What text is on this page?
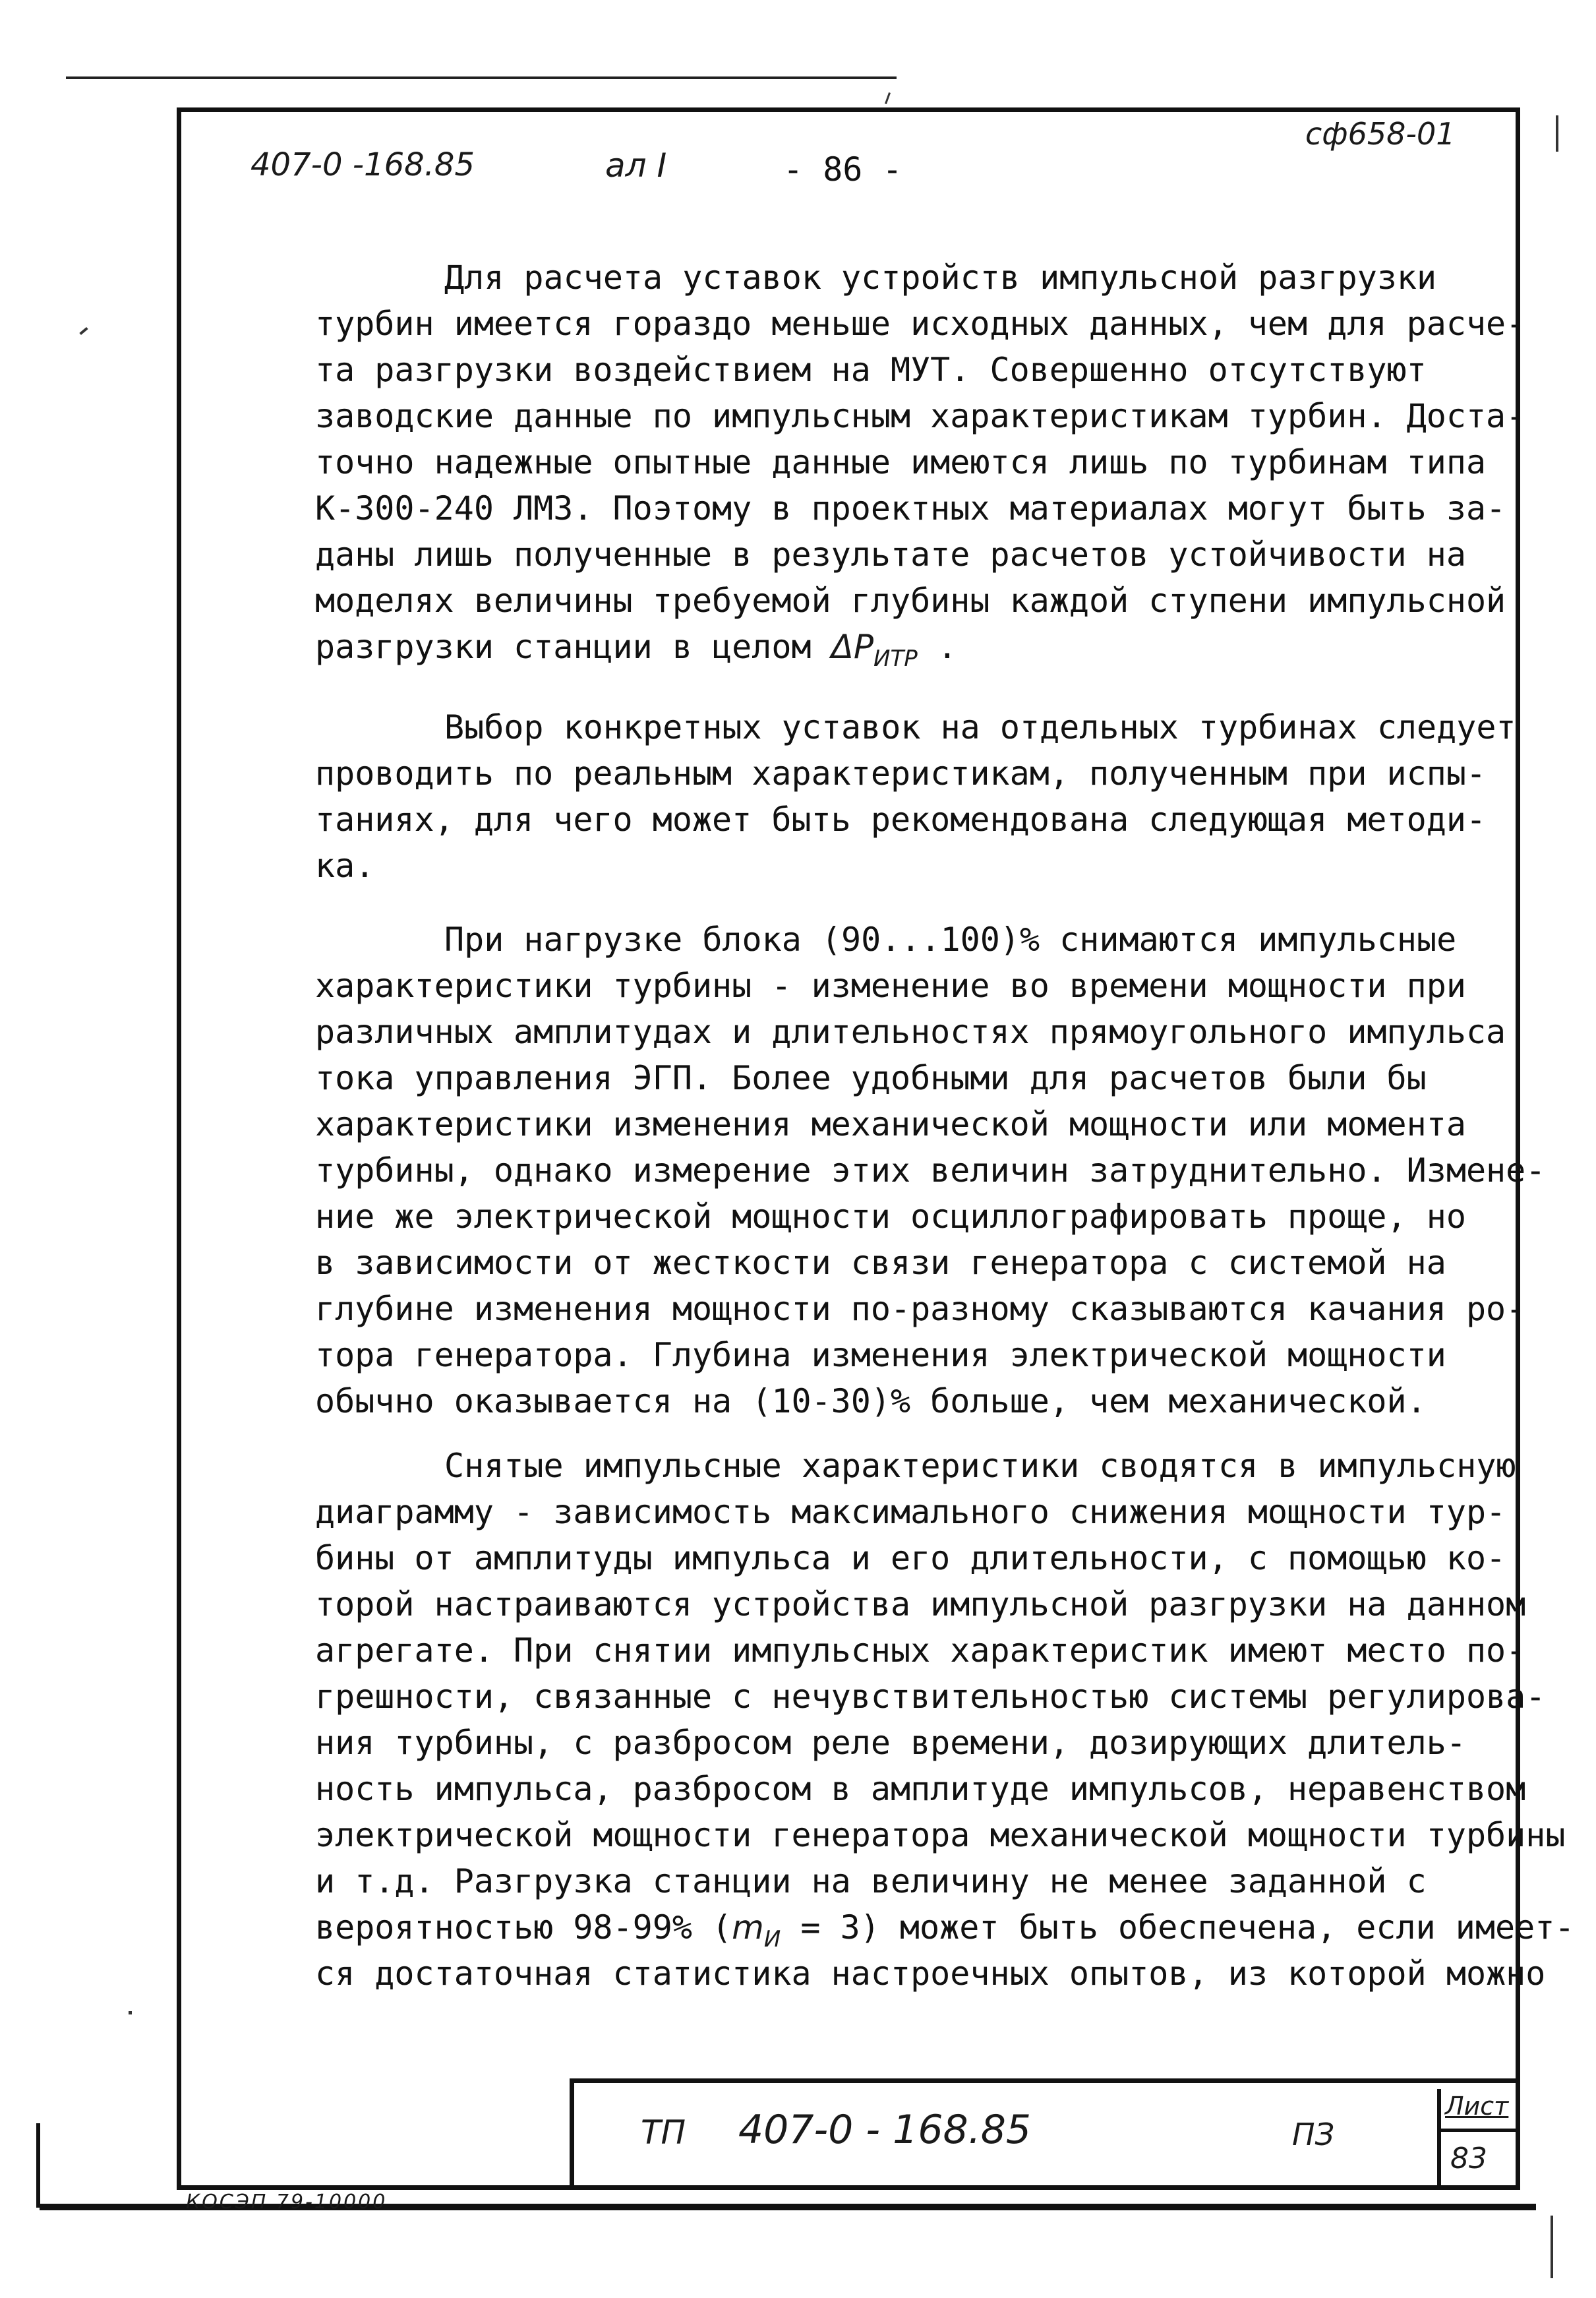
407-0 -168.85	ал I	- 86 -
сф658-01
Для расчета уставок устройств импульсной разгрузки
турбин имеется гораздо меньше исходных данных, чем для расче-
та разгрузки воздействием на МУТ. Совершенно отсутствуют
заводские данные по импульсным характеристикам турбин. Доста-
точно надежные опытные данные имеются лишь по турбинам типа
К-300-240 ЛМЗ. Поэтому в проектных материалах могут быть за-
даны лишь полученные в результате расчетов устойчивости на
моделях величины требуемой глубины каждой ступени импульсной
разгрузки станции в целом $\Delta Р_{ИТР}$ .
Выбор конкретных уставок на отдельных турбинах следует
проводить по реальным характеристикам, полученным при испы-
таниях, для чего может быть рекомендована следующая методи-
ка.
При нагрузке блока (90...100)% снимаются импульсные
характеристики турбины - изменение во времени мощности при
различных амплитудах и длительностях прямоугольного импульса
тока управления ЭГП. Более удобными для расчетов были бы
характеристики изменения механической мощности или момента
турбины, однако измерение этих величин затруднительно. Измене-
ние же электрической мощности осциллографировать проще, но
в зависимости от жесткости связи генератора с системой на
глубине изменения мощности по-разному сказываются качания ро-
тора генератора. Глубина изменения электрической мощности
обычно оказывается на (10-30)% больше, чем механической.
Снятые импульсные характеристики сводятся в импульсную
диаграмму - зависимость максимального снижения мощности тур-
бины от амплитуды импульса и его длительности, с помощью ко-
торой настраиваются устройства импульсной разгрузки на данном
агрегате. При снятии импульсных характеристик имеют место по-
грешности, связанные с нечувствительностью системы регулирова-
ния турбины, с разбросом реле времени, дозирующих длитель-
ность импульса, разбросом в амплитуде импульсов, неравенством
электрической мощности генератора механической мощности турбины
и т.д. Разгрузка станции на величину не менее заданной с
вероятностью 98-99% $(m_И = 3)$ может быть обеспечена, если имеет-
ся достаточная статистика настроечных опытов, из которой можно
ТП 407-0 - 168.85	ПЗ
Лист
83
КОСЭП 79-10000
